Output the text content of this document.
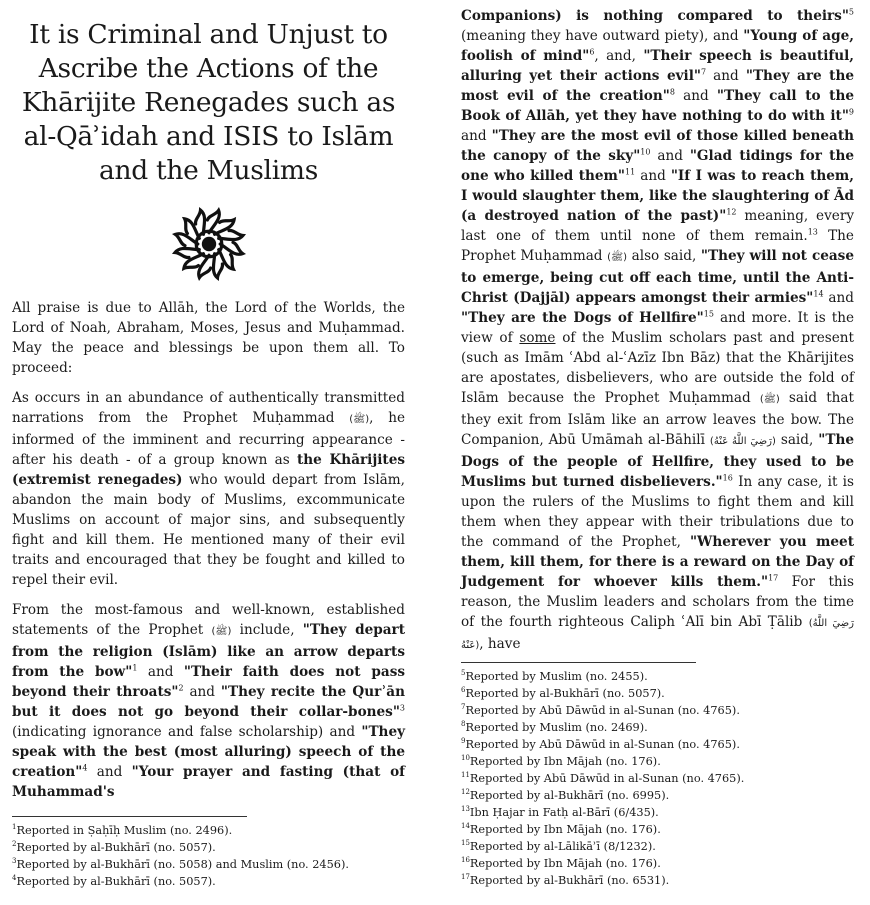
It is Criminal and Unjust to Ascribe the Actions of the Khārijite Renegades such as al-Qāʾidah and ISIS to Islām and the Muslims

All praise is due to Allāh, the Lord of the Worlds, the Lord of Noah, Abraham, Moses, Jesus and Muḥammad. May the peace and blessings be upon them all. To proceed:

As occurs in an abundance of authentically transmitted narrations from the Prophet Muḥammad (ﷺ), he informed of the imminent and recurring appearance - after his death - of a group known as the Khārijites (extremist renegades) who would depart from Islām, abandon the main body of Muslims, excommunicate Muslims on account of major sins, and subsequently fight and kill them. He mentioned many of their evil traits and encouraged that they be fought and killed to repel their evil.

From the most-famous and well-known, established statements of the Prophet (ﷺ) include, "They depart from the religion (Islām) like an arrow departs from the bow"$^1$ and "Their faith does not pass beyond their throats"$^2$ and "They recite the Qurʾān but it does not go beyond their collar-bones"$^3$ (indicating ignorance and false scholarship) and "They speak with the best (most alluring) speech of the creation"$^4$ and "Your prayer and fasting (that of Muhammad's

$^1$Reported in Ṣaḥīḥ Muslim (no. 2496).
$^2$Reported by al-Bukhārī (no. 5057).
$^3$Reported by al-Bukhārī (no. 5058) and Muslim (no. 2456).
$^4$Reported by al-Bukhārī (no. 5057).

Companions) is nothing compared to theirs"$^5$ (meaning they have outward piety), and "Young of age, foolish of mind"$^6$, and, "Their speech is beautiful, alluring yet their actions evil"$^7$ and "They are the most evil of the creation"$^8$ and "They call to the Book of Allāh, yet they have nothing to do with it"$^9$ and "They are the most evil of those killed beneath the canopy of the sky"$^{10}$ and "Glad tidings for the one who killed them"$^{11}$ and "If I was to reach them, I would slaughter them, like the slaughtering of Ād (a destroyed nation of the past)"$^{12}$ meaning, every last one of them until none of them remain.$^{13}$ The Prophet Muḥammad (ﷺ) also said, "They will not cease to emerge, being cut off each time, until the Anti-Christ (Dajjāl) appears amongst their armies"$^{14}$ and "They are the Dogs of Hellfire"$^{15}$ and more. It is the view of some of the Muslim scholars past and present (such as Imām ʿAbd al-ʿAzīz Ibn Bāz) that the Khārijites are apostates, disbelievers, who are outside the fold of Islām because the Prophet Muḥammad (ﷺ) said that they exit from Islām like an arrow leaves the bow. The Companion, Abū Umāmah al-Bāhilī (رَضِيَ اللَّهُ عَنْهُ) said, "The Dogs of the people of Hellfire, they used to be Muslims but turned disbelievers."$^{16}$ In any case, it is upon the rulers of the Muslims to fight them and kill them when they appear with their tribulations due to the command of the Prophet, "Wherever you meet them, kill them, for there is a reward on the Day of Judgement for whoever kills them."$^{17}$ For this reason, the Muslim leaders and scholars from the time of the fourth righteous Caliph ʿAlī bin Abī Ṭālib (رَضِيَ اللَّهُ عَنْهُ), have

$^5$Reported by Muslim (no. 2455).
$^6$Reported by al-Bukhārī (no. 5057).
$^7$Reported by Abū Dāwūd in al-Sunan (no. 4765).
$^8$Reported by Muslim (no. 2469).
$^9$Reported by Abū Dāwūd in al-Sunan (no. 4765).
$^{10}$Reported by Ibn Mājah (no. 176).
$^{11}$Reported by Abū Dāwūd in al-Sunan (no. 4765).
$^{12}$Reported by al-Bukhārī (no. 6995).
$^{13}$Ibn Ḥajar in Fatḥ al-Bārī (6/435).
$^{14}$Reported by Ibn Mājah (no. 176).
$^{15}$Reported by al-Lālikāʾī (8/1232).
$^{16}$Reported by Ibn Mājah (no. 176).
$^{17}$Reported by al-Bukhārī (no. 6531).
